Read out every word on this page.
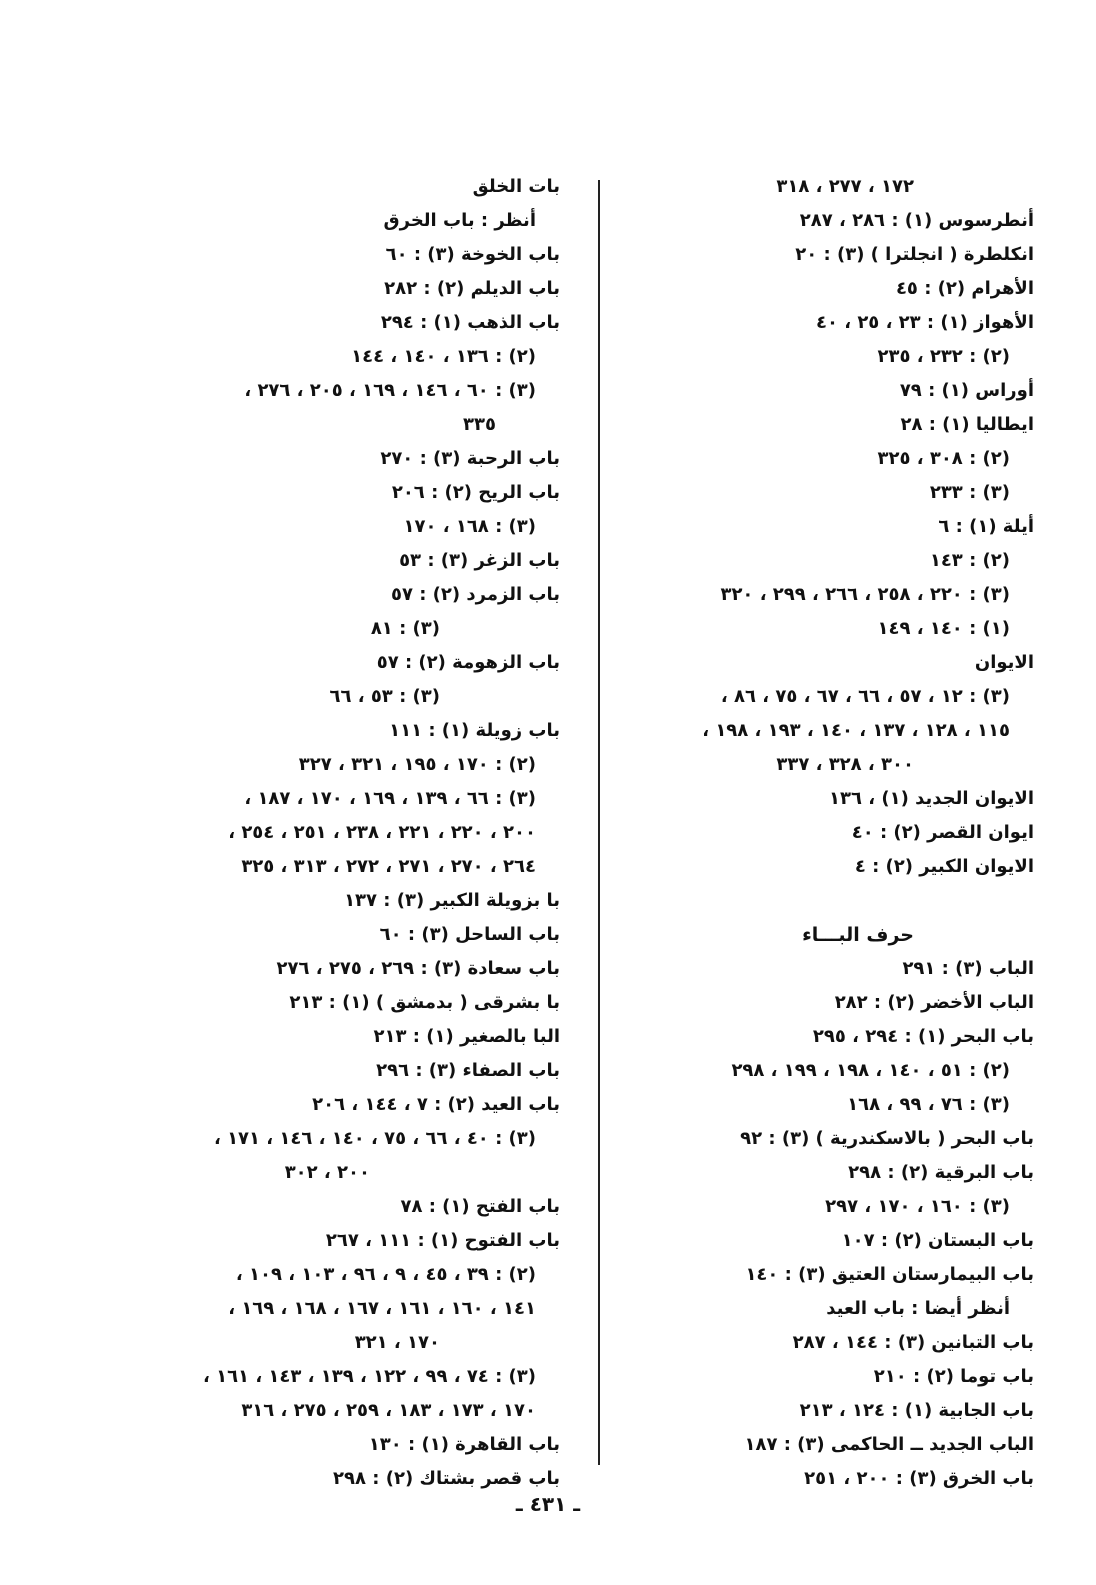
١٧٢ ، ٢٧٧ ، ٣١٨
أنطرسوس (١) : ٢٨٦ ، ٢٨٧
انكلطرة ( انجلترا ) (٣) : ٢٠
الأهرام (٢) : ٤٥
الأهواز (١) : ٢٣ ، ٢٥ ، ٤٠
(٢) : ٢٣٢ ، ٢٣٥
أوراس (١) : ٧٩
ايطاليا (١) : ٢٨
(٢) : ٣٠٨ ، ٣٢٥
(٣) : ٢٣٣
أيلة (١) : ٦
(٢) : ١٤٣
(٣) : ٢٢٠ ، ٢٥٨ ، ٢٦٦ ، ٢٩٩ ، ٣٢٠
(١) : ١٤٠ ، ١٤٩
الايوان
(٣) : ١٢ ، ٥٧ ، ٦٦ ، ٦٧ ، ٧٥ ، ٨٦ ،
١١٥ ، ١٢٨ ، ١٣٧ ، ١٤٠ ، ١٩٣ ، ١٩٨ ،
٣٠٠ ، ٣٢٨ ، ٣٣٧
الايوان الجديد (١) ، ١٣٦
ايوان القصر (٢) : ٤٠
الايوان الكبير (٢) : ٤
حرف البـــاء
الباب (٣) : ٢٩١
الباب الأخضر (٢) : ٢٨٢
باب البحر (١) : ٢٩٤ ، ٢٩٥
(٢) : ٥١ ، ١٤٠ ، ١٩٨ ، ١٩٩ ، ٢٩٨
(٣) : ٧٦ ، ٩٩ ، ١٦٨
باب البحر ( بالاسكندرية ) (٣) : ٩٢
باب البرقية (٢) : ٢٩٨
(٣) : ١٦٠ ، ١٧٠ ، ٢٩٧
باب البستان (٢) : ١٠٧
باب البيمارستان العتيق (٣) : ١٤٠
أنظر أيضا : باب العيد
باب التبانين (٣) : ١٤٤ ، ٢٨٧
باب توما (٢) : ٢١٠
باب الجابية (١) : ١٢٤ ، ٢١٣
الباب الجديد ــ الحاكمى (٣) : ١٨٧
باب الخرق (٣) : ٢٠٠ ، ٢٥١
بات الخلق
أنظر : باب الخرق
باب الخوخة (٣) : ٦٠
باب الديلم (٢) : ٢٨٢
باب الذهب (١) : ٢٩٤
(٢) : ١٣٦ ، ١٤٠ ، ١٤٤
(٣) : ٦٠ ، ١٤٦ ، ١٦٩ ، ٢٠٥ ، ٢٧٦ ،
٣٣٥
باب الرحبة (٣) : ٢٧٠
باب الريح (٢) : ٢٠٦
(٣) : ١٦٨ ، ١٧٠
باب الزغر (٣) : ٥٣
باب الزمرد (٢) : ٥٧
(٣) : ٨١
باب الزهومة (٢) : ٥٧
(٣) : ٥٣ ، ٦٦
باب زويلة (١) : ١١١
(٢) : ١٧٠ ، ١٩٥ ، ٣٢١ ، ٣٢٧
(٣) : ٦٦ ، ١٣٩ ، ١٦٩ ، ١٧٠ ، ١٨٧ ،
٢٠٠ ، ٢٢٠ ، ٢٢١ ، ٢٣٨ ، ٢٥١ ، ٢٥٤ ،
٢٦٤ ، ٢٧٠ ، ٢٧١ ، ٢٧٢ ، ٣١٣ ، ٣٢٥
با بزويلة الكبير (٣) : ١٣٧
باب الساحل (٣) : ٦٠
باب سعادة (٣) : ٢٦٩ ، ٢٧٥ ، ٢٧٦
با بشرقى ( بدمشق ) (١) : ٢١٣
البا بالصغير (١) : ٢١٣
باب الصفاء (٣) : ٢٩٦
باب العيد (٢) : ٧ ، ١٤٤ ، ٢٠٦
(٣) : ٤٠ ، ٦٦ ، ٧٥ ، ١٤٠ ، ١٤٦ ، ١٧١ ،
٢٠٠ ، ٣٠٢
باب الفتح (١) : ٧٨
باب الفتوح (١) : ١١١ ، ٢٦٧
(٢) : ٣٩ ، ٤٥ ، ٩ ، ٩٦ ، ١٠٣ ، ١٠٩ ،
١٤١ ، ١٦٠ ، ١٦١ ، ١٦٧ ، ١٦٨ ، ١٦٩ ،
١٧٠ ، ٣٢١
(٣) : ٧٤ ، ٩٩ ، ١٢٢ ، ١٣٩ ، ١٤٣ ، ١٦١ ،
١٧٠ ، ١٧٣ ، ١٨٣ ، ٢٥٩ ، ٢٧٥ ، ٣١٦
باب القاهرة (١) : ١٣٠
باب قصر بشتاك (٢) : ٢٩٨
ـ ٤٣١ ـ
